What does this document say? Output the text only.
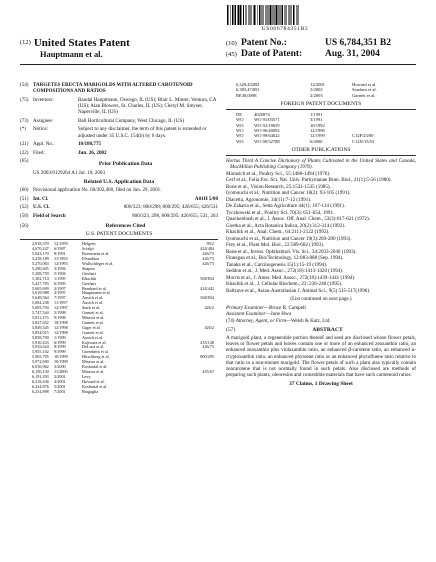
US006784351B2
(12) United States Patent
Hauptmann et al.
(10) Patent No.:	US 6,784,351 B2
(45) Date of Patent:	Aug. 31, 2004
(54) TARGETES ERECTA MARIGOLDS WITH ALTERED CAROTENOID COMPOSITIONS AND RATIOS
(75) Inventors:	Randal Hauptmann, Oswego, IL (US); Blair L. Minter, Ventura, CA (US); Alan Blowers, St. Charles, IL (US); Cheryl M. Smyser, Naperville, IL (US)
(73) Assignee:	Ball Horticultural Company, West Chicago, IL (US)
(*)	Notice:	Subject to any disclaimer, the term of this patent is extended or adjusted under 35 U.S.C. 154(b) by 0 days.
(21) Appl. No.:	10/180,775
(22) Filed:	Jun. 26, 2002
(65)	Prior Publication Data
US 2003/0129264 A1 Jul. 10, 2003
Related U.S. Application Data
(60) Provisional application No. 60/302,460, filed on Jun. 29, 2001.
(51) Int. Cl.	A01H 5/00
(52) U.S. Cl.	800/323; 800/298; 800/295; 426/655; 426/531
(58) Field of Search	800/323, 298, 800/295; 426/655, 531, 263
(56)	References Cited
U.S. PATENT DOCUMENTS
2,918,370	12/1959	Helgren	99/2
4,670,247	6/1987	Scialpi	424/484
5,043,170	8/1991	Borenstein et al.	426/73
5,258,189	11/1993	Efstathiou	426/73
5,270,063	12/1993	Wullschleger et al.	426/73
5,290,605	3/1994	Shapira	
5,308,759	5/1994	Gierhart	
5,382,714	1/1995	Khachik	568/834
5,427,783	6/1995	Gierhart	
5,605,699	2/1997	Bernhard et al.	424/442
5,618,988	4/1997	Hauptmann et al.	
5,648,564	7/1997	Ausich et al.	568/834
5,684,238	11/1997	Ausich et al.	
5,693,794	12/1997	Stark et al.	426/2
5,747,544	5/1998	Garnett et al.	
5,811,273	9/1998	Misawa et al.	
5,827,652	10/1998	Garnett et al.	
5,849,345	12/1998	Giger et al.	426/2
5,854,015	12/1998	Garnett et al.	
5,858,700	1/1999	Ausich et al.	
5,910,433	6/1999	Kajiwara et al.	435/148
5,935,624	8/1999	DeLuca et al.	426/73
5,955,102	9/1999	Gorenbein et al.	
5,965,795	10/1999	Hirschberg et al.	800/295
5,972,690	10/1999	Misawa et al.	
6,036,962	3/2000	Kosbarial et al.	
6,150,130	11/2000	Misawa et al.	435/67
6,191,293	2/2001	Levy	
6,218,436	4/2001	Howard et al.	
6,224,876	5/2001	Kosbarial et al.	
6,254,898	7/2001	Bragaglia	
6,329,432	B2	12/2001	Howard et al.
6,383,474	B1	5/2002	Soudant et al.
RE38,009	E	2/2003	Garnett et al.
FOREIGN PATENT DOCUMENTS
DE	4020874	1/1991	
WO	WO 91/03571	3/1991	
WO	WO 92/18659	10/1992	
WO	WO 96/40092	12/1996	
WO	WO 99/64622	12/1999	C12P/23/00
WO	WO 00/32788	6/2000	C12N/15/53
OTHER PUBLICATIONS
Hortus Third A Concise Dictionary of Plants Cultivated in the United States and Canada, MacMillan Publishing Company (1976).
Marusich et al., Poultry Sci., 55:1486-1494 (1976).
Cerf et al., Folia Fac. Sci. Nat. Univ. Purkynianae Brun. Biol., 21(1):5-56 (1980).
Bone et al., Vision Research, 25:1531-1535 (1985).
Iyomouchi et al., Nutrition and Cancer 16(2): 93-105 (1991).
Diacetta, Agronomie, 34(11):7-12 (1991).
De Zaharia et al., Setta Agriculture 44(1): 107-114 (1991).
Tyczkowski et al., Poultry Sci. 70(3): 651-654, 1991.
Quackenbush et al., J. Assoc. Off. Anal. Chem., 53(3):617-621 (1972).
Goetha et al., Acta Botanica Indica, 20(2):312-314 (1992).
Khachik et al., Anal. Chem., 64:2111-2122 (1992).
Iyomouchi et al., Nutrition and Cancer 19(3):269-280 (1993).
Frey et al., Plant Mol. Biol., 22:589-602 (1993).
Bone et al., Invest. Ophthalmol. Vis. Sci., 34:2033-2040 (1993).
Finnegan et al., Bio/Technology, 12:883-888 (Sep. 1994).
Tanaka et al., Carcinogenesis 15(1):15-19 (1994).
Seddon et al., J. Med. Assoc., 272(18):1413-1420 (1994).
Morris et al., J. Amer. Med. Assoc., 272(18):1439-1441 (1994).
Khachik et al., J. Cellular Biochem., 22: 236-246 (1995).
Baltzave et al., Asian-Australasian J. Animal Sci., 9(5) 515-517(1996).
(List continued on next page.)
Primary Examiner—Bruce R. Campell
Assistant Examiner—June Hwu
(74) Attorney, Agent, or Firm—Welsh & Katz, Ltd.
(57)	ABSTRACT
A marigold plant, a regenerable portion thereof and seed are disclosed whose flower petals, leaves or flower petals and leaves contain one or more of an enhanced zeaxanthin ratio, an enhanced zeaxanthin plus violaxanthin ratio, an enhanced β-carotene ratio, an enhanced α-cryptoxanthin ratio, an enhanced phytoene ratio or an enhanced phytofluene ratio relative to that ratio in a non-mutant marigold. The flower petals of such a plant also typically contain zeacarotene that is not normally found in such petals. Also disclosed are methods of preparing such plants, oleoresins and comestible materials that have such carotenoid ratios.
37 Claims, 1 Drawing Sheet
